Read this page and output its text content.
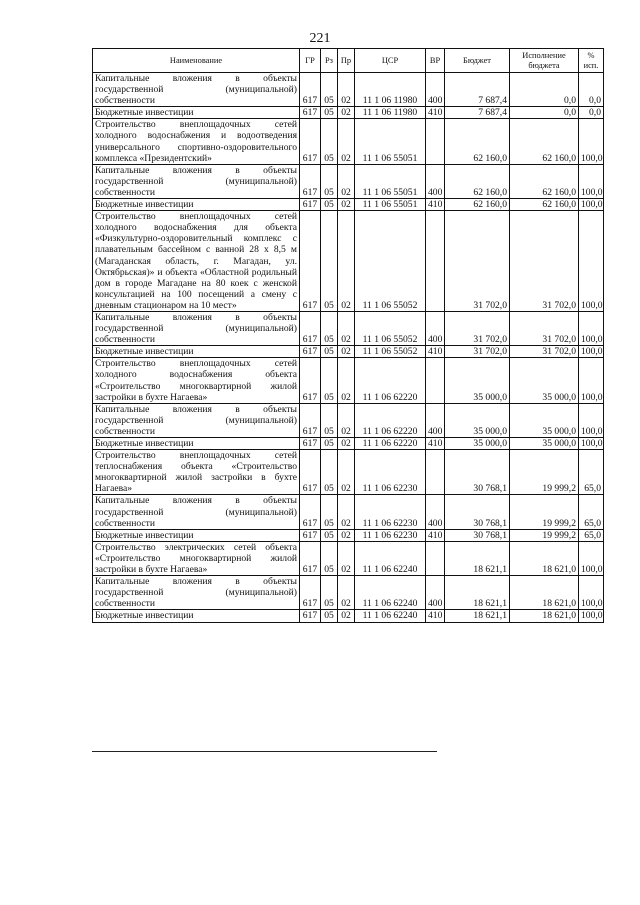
221
Наименование	ГР	Рз	Пр	ЦСР	ВР	Бюджет	Исполнение бюджета	% исп.

Капитальные вложения в объекты государственной (муниципальной) собственности	617	05	02	11 1 06 11980	400	7 687,4	0,0	0,0

Бюджетные инвестиции	617	05	02	11 1 06 11980	410	7 687,4	0,0	0,0

Строительство внеплощадочных сетей холодного водоснабжения и водоотведения универсального спортивно-оздоровительного комплекса «Президентский»	617	05	02	11 1 06 55051		62 160,0	62 160,0	100,0

Капитальные вложения в объекты государственной (муниципальной) собственности	617	05	02	11 1 06 55051	400	62 160,0	62 160,0	100,0

Бюджетные инвестиции	617	05	02	11 1 06 55051	410	62 160,0	62 160,0	100,0

Строительство внеплощадочных сетей холодного водоснабжения для объекта «Физкультурно-оздоровительный комплекс с плавательным бассейном с ванной 28 х 8,5 м (Магаданская область, г. Магадан, ул. Октябрьская)» и объекта «Областной родильный дом в городе Магадане на 80 коек с женской консультацией на 100 посещений а смену с дневным стационаром на 10 мест»	617	05	02	11 1 06 55052		31 702,0	31 702,0	100,0

Капитальные вложения в объекты государственной (муниципальной) собственности	617	05	02	11 1 06 55052	400	31 702,0	31 702,0	100,0

Бюджетные инвестиции	617	05	02	11 1 06 55052	410	31 702,0	31 702,0	100,0

Строительство внеплощадочных сетей холодного водоснабжения объекта «Строительство многоквартирной жилой застройки в бухте Нагаева»	617	05	02	11 1 06 62220		35 000,0	35 000,0	100,0

Капитальные вложения в объекты государственной (муниципальной) собственности	617	05	02	11 1 06 62220	400	35 000,0	35 000,0	100,0

Бюджетные инвестиции	617	05	02	11 1 06 62220	410	35 000,0	35 000,0	100,0

Строительство внеплощадочных сетей теплоснабжения объекта «Строительство многоквартирной жилой застройки в бухте Нагаева»	617	05	02	11 1 06 62230		30 768,1	19 999,2	65,0

Капитальные вложения в объекты государственной (муниципальной) собственности	617	05	02	11 1 06 62230	400	30 768,1	19 999,2	65,0

Бюджетные инвестиции	617	05	02	11 1 06 62230	410	30 768,1	19 999,2	65,0

Строительство электрических сетей объекта «Строительство многоквартирной жилой застройки в бухте Нагаева»	617	05	02	11 1 06 62240		18 621,1	18 621,0	100,0

Капитальные вложения в объекты государственной (муниципальной) собственности	617	05	02	11 1 06 62240	400	18 621,1	18 621,0	100,0

Бюджетные инвестиции	617	05	02	11 1 06 62240	410	18 621,1	18 621,0	100,0
